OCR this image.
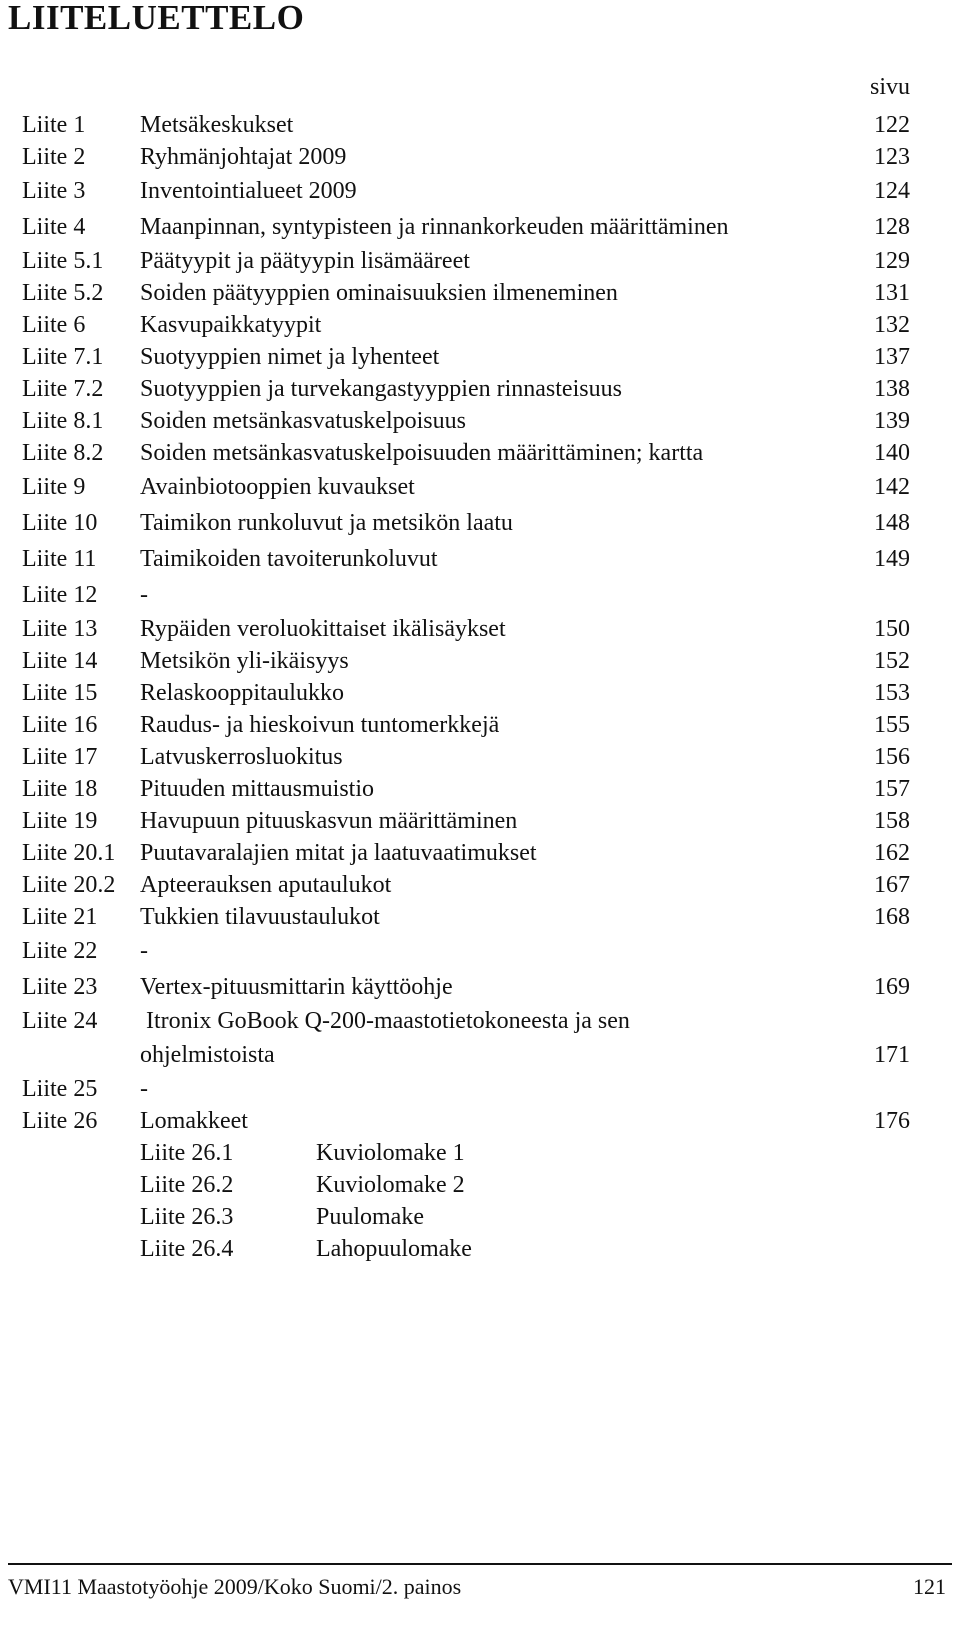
LIITELUETTELO
sivu
Liite 1 Metsäkeskukset	122
Liite 2 Ryhmänjohtajat 2009	123
Liite 3 Inventointialueet 2009	124
Liite 4 Maanpinnan, syntypisteen ja rinnankorkeuden määrittäminen	128
Liite 5.1 Päätyypit ja päätyypin lisämääreet	129
Liite 5.2 Soiden päätyyppien ominaisuuksien ilmeneminen	131
Liite 6 Kasvupaikkatyypit	132
Liite 7.1 Suotyyppien nimet ja lyhenteet	137
Liite 7.2 Suotyyppien ja turvekangastyyppien rinnasteisuus	138
Liite 8.1 Soiden metsänkasvatuskelpoisuus	139
Liite 8.2 Soiden metsänkasvatuskelpoisuuden määrittäminen; kartta	140
Liite 9 Avainbiotooppien kuvaukset	142
Liite 10 Taimikon runkoluvut ja metsikön laatu	148
Liite 11 Taimikoiden tavoiterunkoluvut	149
Liite 12 -
Liite 13 Rypäiden veroluokittaiset ikälisäykset	150
Liite 14 Metsikön yli-ikäisyys	152
Liite 15 Relaskooppitaulukko	153
Liite 16 Raudus- ja hieskoivun tuntomerkkejä	155
Liite 17 Latvuskerrosluokitus	156
Liite 18 Pituuden mittausmuistio	157
Liite 19 Havupuun pituuskasvun määrittäminen	158
Liite 20.1 Puutavaralajien mitat ja laatuvaatimukset	162
Liite 20.2 Apteerauksen aputaulukot	167
Liite 21 Tukkien tilavuustaulukot	168
Liite 22 -
Liite 23 Vertex-pituusmittarin käyttöohje	169
Liite 24 Itronix GoBook Q-200-maastotietokoneesta ja sen
ohjelmistoista	171
Liite 25 -
Liite 26 Lomakkeet	176
Liite 26.1	Kuviolomake 1
Liite 26.2	Kuviolomake 2
Liite 26.3	Puulomake
Liite 26.4	Lahopuulomake
VMI11 Maastotyöohje 2009/Koko Suomi/2. painos	121
